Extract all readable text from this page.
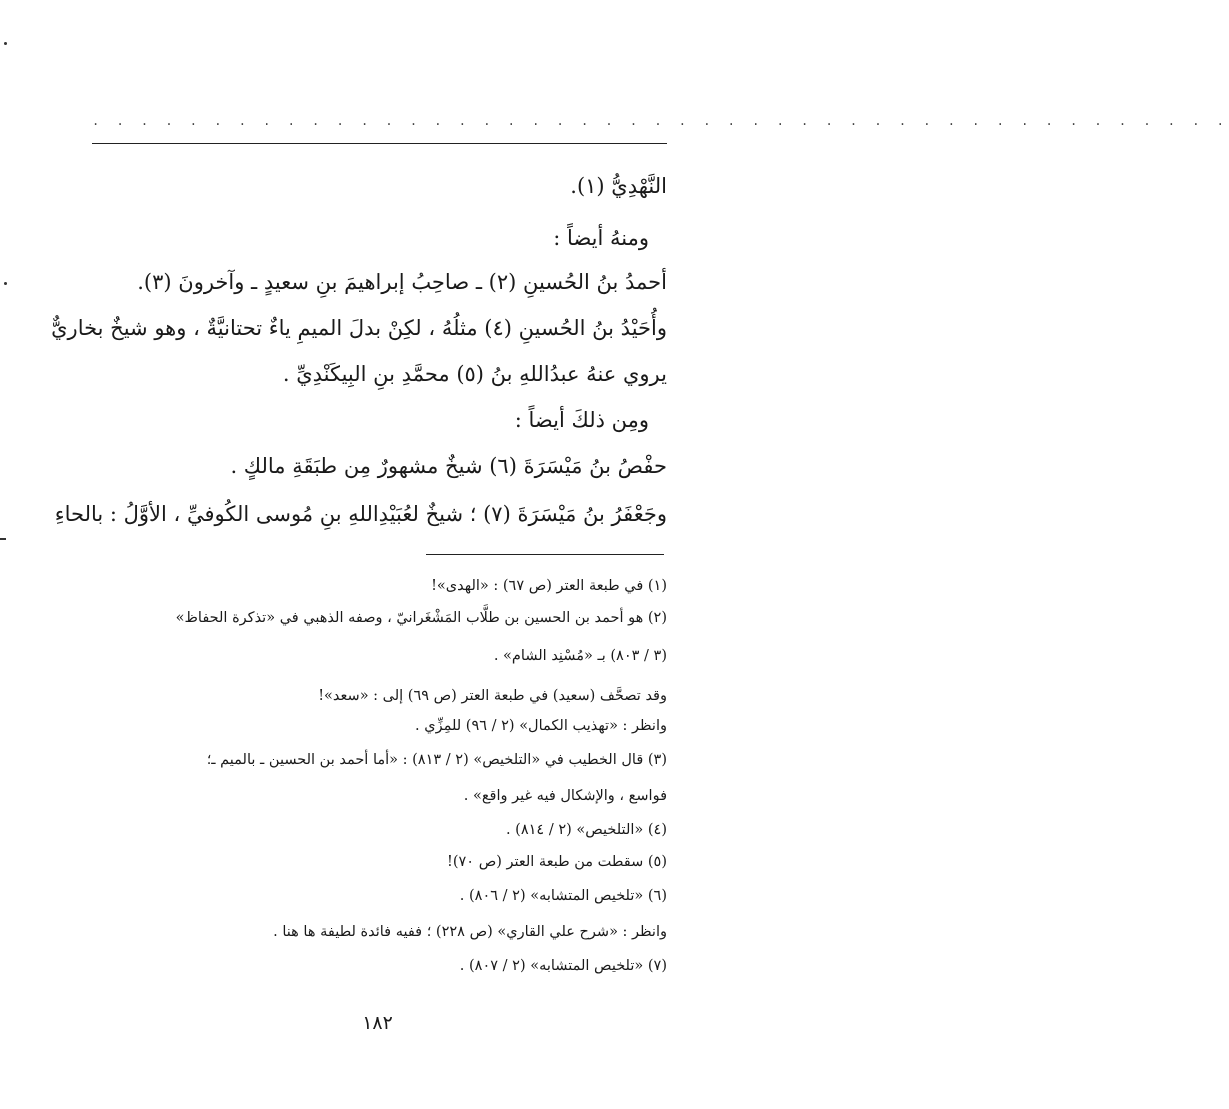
. . . . . . . . . . . . . . . . . . . . . . . . . . . . . . . . . . . . . . . . . . . . . . .
النَّهْدِيُّ (١).
ومنهُ أيضاً :
أحمدُ بنُ الحُسينِ (٢) ـ صاحِبُ إبراهيمَ بنِ سعيدٍ ـ وآخرونَ (٣).
وأُحَيْدُ بنُ الحُسينِ (٤) مثلُهُ ، لكِنْ بدلَ الميمِ ياءٌ تحتانيَّةٌ ، وهو شيخٌ بخاريٌّ
يروي عنهُ عبدُاللهِ بنُ (٥) محمَّدِ بنِ البِيكَنْدِيِّ .
ومِن ذلكَ أيضاً :
حفْصُ بنُ مَيْسَرَةَ (٦) شيخٌ مشهورٌ مِن طبَقَةِ مالكٍ .
وجَعْفَرُ بنُ مَيْسَرَةَ (٧) ؛ شيخٌ لعُبَيْدِاللهِ بنِ مُوسى الكُوفيِّ ، الأوَّلُ : بالحاءِ
(١) في طبعة العتر (ص ٦٧) : «الهدى»!
(٢) هو أحمد بن الحسين بن طلَّاب المَشْغَرانيّ ، وصفه الذهبي في «تذكرة الحفاظ»
(٣ / ٨٠٣) بـ «مُسْنِد الشام» .
وقد تصحَّف (سعيد) في طبعة العتر (ص ٦٩) إلى : «سعد»!
وانظر : «تهذيب الكمال» (٢ / ٩٦) للمِزِّي .
(٣) قال الخطيب في «التلخيص» (٢ / ٨١٣) : «أما أحمد بن الحسين ـ بالميم ـ؛
فواسع ، والإشكال فيه غير واقع» .
(٤) «التلخيص» (٢ / ٨١٤) .
(٥) سقطت من طبعة العتر (ص ٧٠)!
(٦) «تلخيص المتشابه» (٢ / ٨٠٦) .
وانظر : «شرح علي القاري» (ص ٢٢٨) ؛ ففيه فائدة لطيفة ها هنا .
(٧) «تلخيص المتشابه» (٢ / ٨٠٧) .
١٨٢
